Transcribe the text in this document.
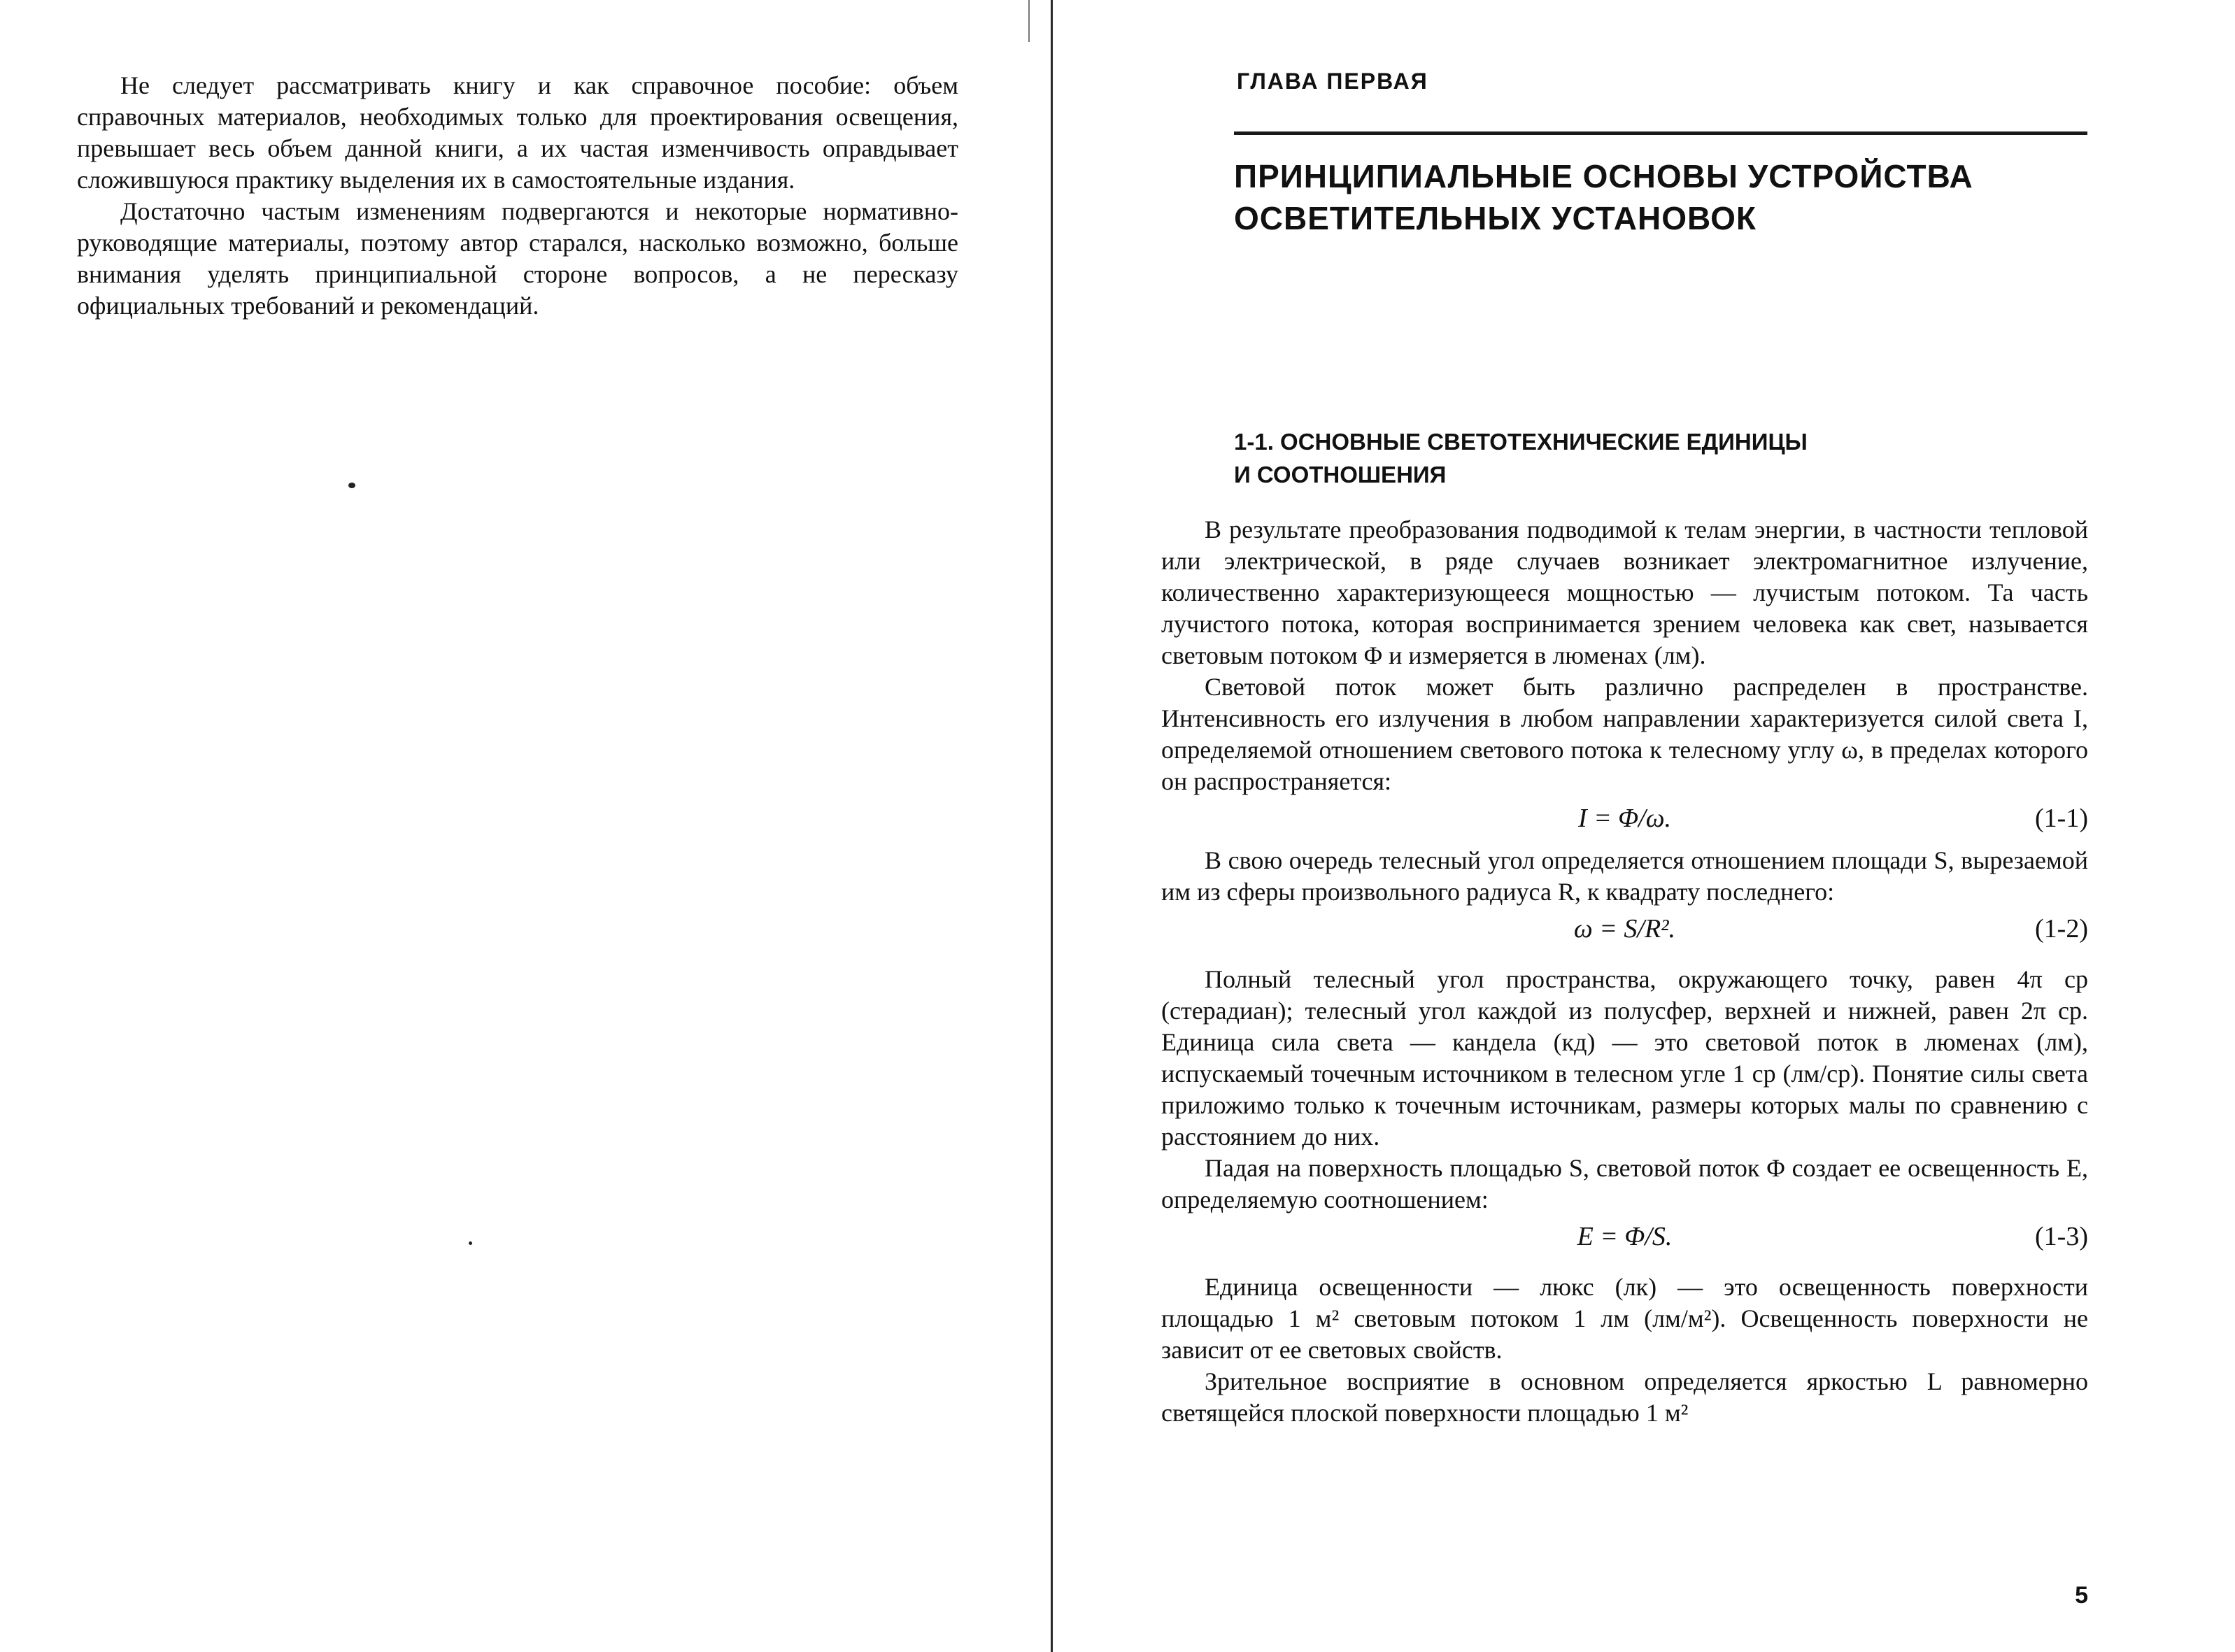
Не следует рассматривать книгу и как справочное пособие: объем справочных материалов, необходимых только для проектирования освещения, превышает весь объем данной книги, а их частая изменчивость оправдывает сложившуюся практику выделения их в самостоятельные издания.

Достаточно частым изменениям подвергаются и некоторые нормативно-руководящие материалы, поэтому автор старался, насколько возможно, больше внимания уделять принципиальной стороне вопросов, а не пересказу официальных требований и рекомендаций.

ГЛАВА ПЕРВАЯ
ПРИНЦИПИАЛЬНЫЕ ОСНОВЫ УСТРОЙСТВА
ОСВЕТИТЕЛЬНЫХ УСТАНОВОК
1-1. ОСНОВНЫЕ СВЕТОТЕХНИЧЕСКИЕ ЕДИНИЦЫ
И СООТНОШЕНИЯ

В результате преобразования подводимой к телам энергии, в частности тепловой или электрической, в ряде случаев возникает электромагнитное излучение, количественно характеризующееся мощностью — лучистым потоком. Та часть лучистого потока, которая воспринимается зрением человека как свет, называется световым потоком Φ и измеряется в люменах (лм).

Световой поток может быть различно распределен в пространстве. Интенсивность его излучения в любом направлении характеризуется силой света I, определяемой отношением светового потока к телесному углу ω, в пределах которого он распространяется:

I = Φ/ω.	(1-1)

В свою очередь телесный угол определяется отношением площади S, вырезаемой им из сферы произвольного радиуса R, к квадрату последнего:

ω = S/R².	(1-2)

Полный телесный угол пространства, окружающего точку, равен 4π ср (стерадиан); телесный угол каждой из полусфер, верхней и нижней, равен 2π ср. Единица сила света — кандела (кд) — это световой поток в люменах (лм), испускаемый точечным источником в телесном угле 1 ср (лм/ср). Понятие силы света приложимо только к точечным источникам, размеры которых малы по сравнению с расстоянием до них.

Падая на поверхность площадью S, световой поток Φ создает ее освещенность E, определяемую соотношением:

E = Φ/S.	(1-3)

Единица освещенности — люкс (лк) — это освещенность поверхности площадью 1 м² световым потоком 1 лм (лм/м²). Освещенность поверхности не зависит от ее световых свойств.

Зрительное восприятие в основном определяется яркостью L равномерно светящейся плоской поверхности площадью 1 м²

5
